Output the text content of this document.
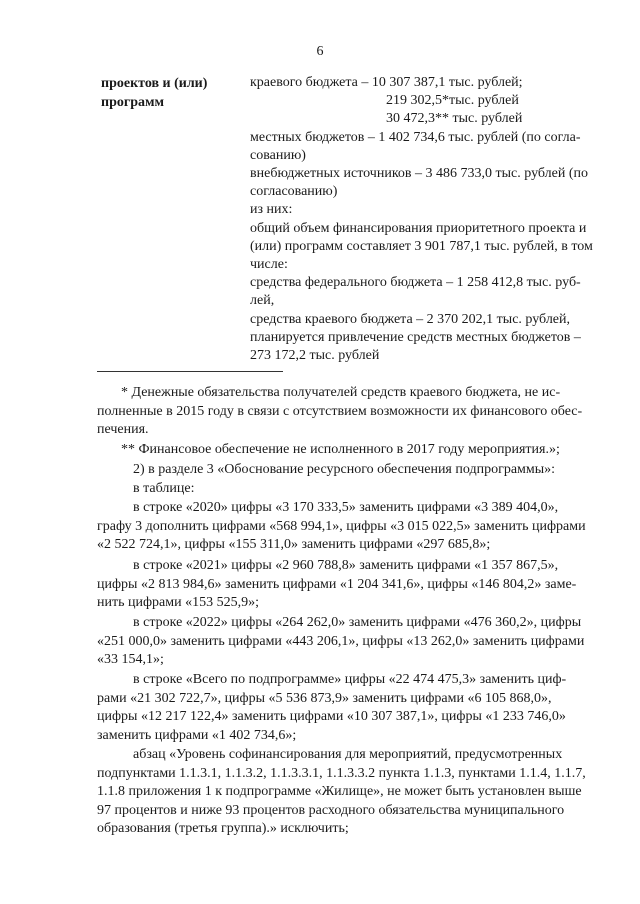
6
проектов и (или)
программ
краевого бюджета – 10 307 387,1 тыс. рублей;
219 302,5*тыс. рублей
30 472,3** тыс. рублей
местных бюджетов – 1 402 734,6 тыс. рублей (по согла-
сованию)
внебюджетных источников – 3 486 733,0 тыс. рублей (по
согласованию)
из них:
общий объем финансирования приоритетного проекта и
(или) программ составляет 3 901 787,1 тыс. рублей, в том
числе:
средства федерального бюджета – 1 258 412,8 тыс. руб-
лей,
средства краевого бюджета – 2 370 202,1 тыс. рублей,
планируется привлечение средств местных бюджетов –
273 172,2 тыс. рублей
* Денежные обязательства получателей средств краевого бюджета, не ис-
полненные в 2015 году в связи с отсутствием возможности их финансового обес-
печения.
** Финансовое обеспечение не исполненного в 2017 году мероприятия.»;
2) в разделе 3 «Обоснование ресурсного обеспечения подпрограммы»:
в таблице:
в строке «2020» цифры «3 170 333,5» заменить цифрами «3 389 404,0»,
графу 3 дополнить цифрами «568 994,1», цифры «3 015 022,5» заменить цифрами
«2 522 724,1», цифры «155 311,0» заменить цифрами «297 685,8»;
в строке «2021» цифры «2 960 788,8» заменить цифрами «1 357 867,5»,
цифры «2 813 984,6» заменить цифрами «1 204 341,6», цифры «146 804,2» заме-
нить цифрами «153 525,9»;
в строке «2022» цифры «264 262,0» заменить цифрами «476 360,2», цифры
«251 000,0» заменить цифрами «443 206,1», цифры «13 262,0» заменить цифрами
«33 154,1»;
в строке «Всего по подпрограмме» цифры «22 474 475,3» заменить циф-
рами «21 302 722,7», цифры «5 536 873,9» заменить цифрами «6 105 868,0»,
цифры «12 217 122,4» заменить цифрами «10 307 387,1», цифры «1 233 746,0»
заменить цифрами «1 402 734,6»;
абзац «Уровень софинансирования для мероприятий, предусмотренных
подпунктами 1.1.3.1, 1.1.3.2, 1.1.3.3.1, 1.1.3.3.2 пункта 1.1.3, пунктами 1.1.4, 1.1.7,
1.1.8 приложения 1 к подпрограмме «Жилище», не может быть установлен выше
97 процентов и ниже 93 процентов расходного обязательства муниципального
образования (третья группа).» исключить;
